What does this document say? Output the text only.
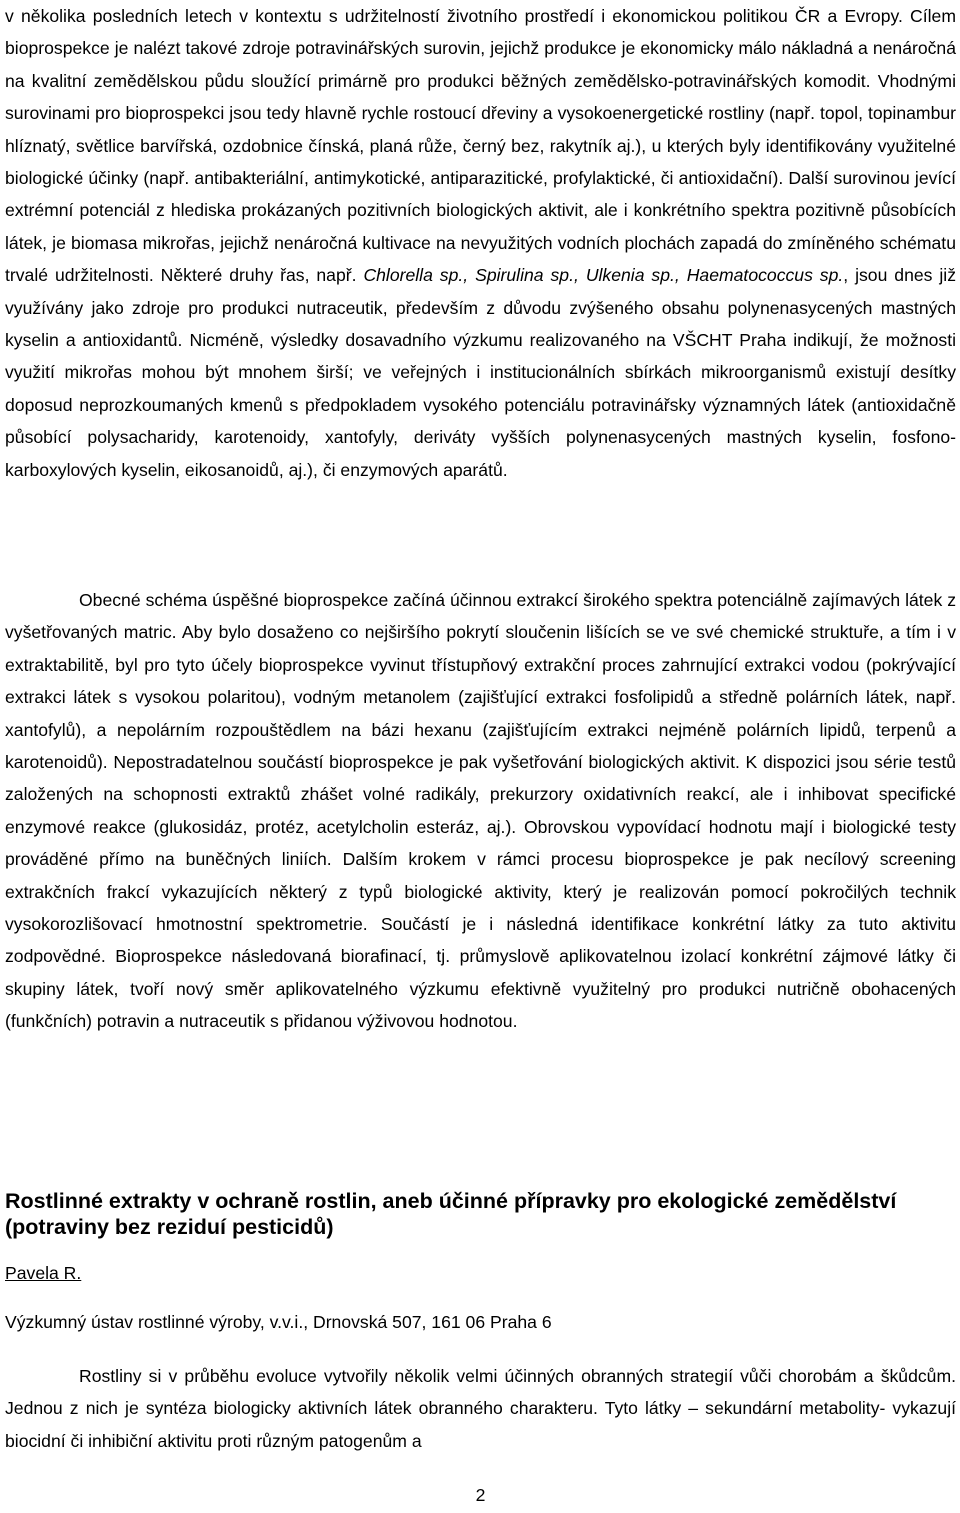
v několika posledních letech v kontextu s udržitelností životního prostředí i ekonomickou politikou ČR a Evropy. Cílem bioprospekce je nalézt takové zdroje potravinářských surovin, jejichž produkce je ekonomicky málo nákladná a nenáročná na kvalitní zemědělskou půdu sloužící primárně pro produkci běžných zemědělsko-potravinářských komodit. Vhodnými surovinami pro bioprospekci jsou tedy hlavně rychle rostoucí dřeviny a vysokoenergetické rostliny (např. topol, topinambur hlíznatý, světlice barvířská, ozdobnice čínská, planá růže, černý bez, rakytník aj.), u kterých byly identifikovány využitelné biologické účinky (např. antibakteriální, antimykotické, antiparazitické, profylaktické, či antioxidační). Další surovinou jevící extrémní potenciál z hlediska prokázaných pozitivních biologických aktivit, ale i konkrétního spektra pozitivně působících látek, je biomasa mikrořas, jejichž nenáročná kultivace na nevyužitých vodních plochách zapadá do zmíněného schématu trvalé udržitelnosti. Některé druhy řas, např. Chlorella sp., Spirulina sp., Ulkenia sp., Haematococcus sp., jsou dnes již využívány jako zdroje pro produkci nutraceutik, především z důvodu zvýšeného obsahu polynenasycených mastných kyselin a antioxidantů. Nicméně, výsledky dosavadního výzkumu realizovaného na VŠCHT Praha indikují, že možnosti využití mikrořas mohou být mnohem širší; ve veřejných i institucionálních sbírkách mikroorganismů existují desítky doposud neprozkoumaných kmenů s předpokladem vysokého potenciálu potravinářsky významných látek (antioxidačně působící polysacharidy, karotenoidy, xantofyly, deriváty vyšších polynenasycených mastných kyselin, fosfono-karboxylových kyselin, eikosanoidů, aj.), či enzymových aparátů.

Obecné schéma úspěšné bioprospekce začíná účinnou extrakcí širokého spektra potenciálně zajímavých látek z vyšetřovaných matric. Aby bylo dosaženo co nejširšího pokrytí sloučenin lišících se ve své chemické struktuře, a tím i v extraktabilitě, byl pro tyto účely bioprospekce vyvinut třístupňový extrakční proces zahrnující extrakci vodou (pokrývající extrakci látek s vysokou polaritou), vodným metanolem (zajišťující extrakci fosfolipidů a středně polárních látek, např. xantofylů), a nepolárním rozpouštědlem na bázi hexanu (zajišťujícím extrakci nejméně polárních lipidů, terpenů a karotenoidů). Nepostradatelnou součástí bioprospekce je pak vyšetřování biologických aktivit. K dispozici jsou série testů založených na schopnosti extraktů zhášet volné radikály, prekurzory oxidativních reakcí, ale i inhibovat specifické enzymové reakce (glukosidáz, protéz, acetylcholin esteráz, aj.). Obrovskou vypovídací hodnotu mají i biologické testy prováděné přímo na buněčných liniích. Dalším krokem v rámci procesu bioprospekce je pak necílový screening extrakčních frakcí vykazujících některý z typů biologické aktivity, který je realizován pomocí pokročilých technik vysokorozlišovací hmotnostní spektrometrie. Součástí je i následná identifikace konkrétní látky za tuto aktivitu zodpovědné. Bioprospekce následovaná biorafinací, tj. průmyslově aplikovatelnou izolací konkrétní zájmové látky či skupiny látek, tvoří nový směr aplikovatelného výzkumu efektivně využitelný pro produkci nutričně obohacených (funkčních) potravin a nutraceutik s přidanou výživovou hodnotou.

Rostlinné extrakty v ochraně rostlin, aneb účinné přípravky pro ekologické zemědělství (potraviny bez reziduí pesticidů)
Pavela R.
Výzkumný ústav rostlinné výroby, v.v.i., Drnovská 507, 161 06 Praha 6

Rostliny si v průběhu evoluce vytvořily několik velmi účinných obranných strategií vůči chorobám a škůdcům. Jednou z nich je syntéza biologicky aktivních látek obranného charakteru. Tyto látky – sekundární metabolity- vykazují biocidní či inhibiční aktivitu proti různým patogenům a

2
